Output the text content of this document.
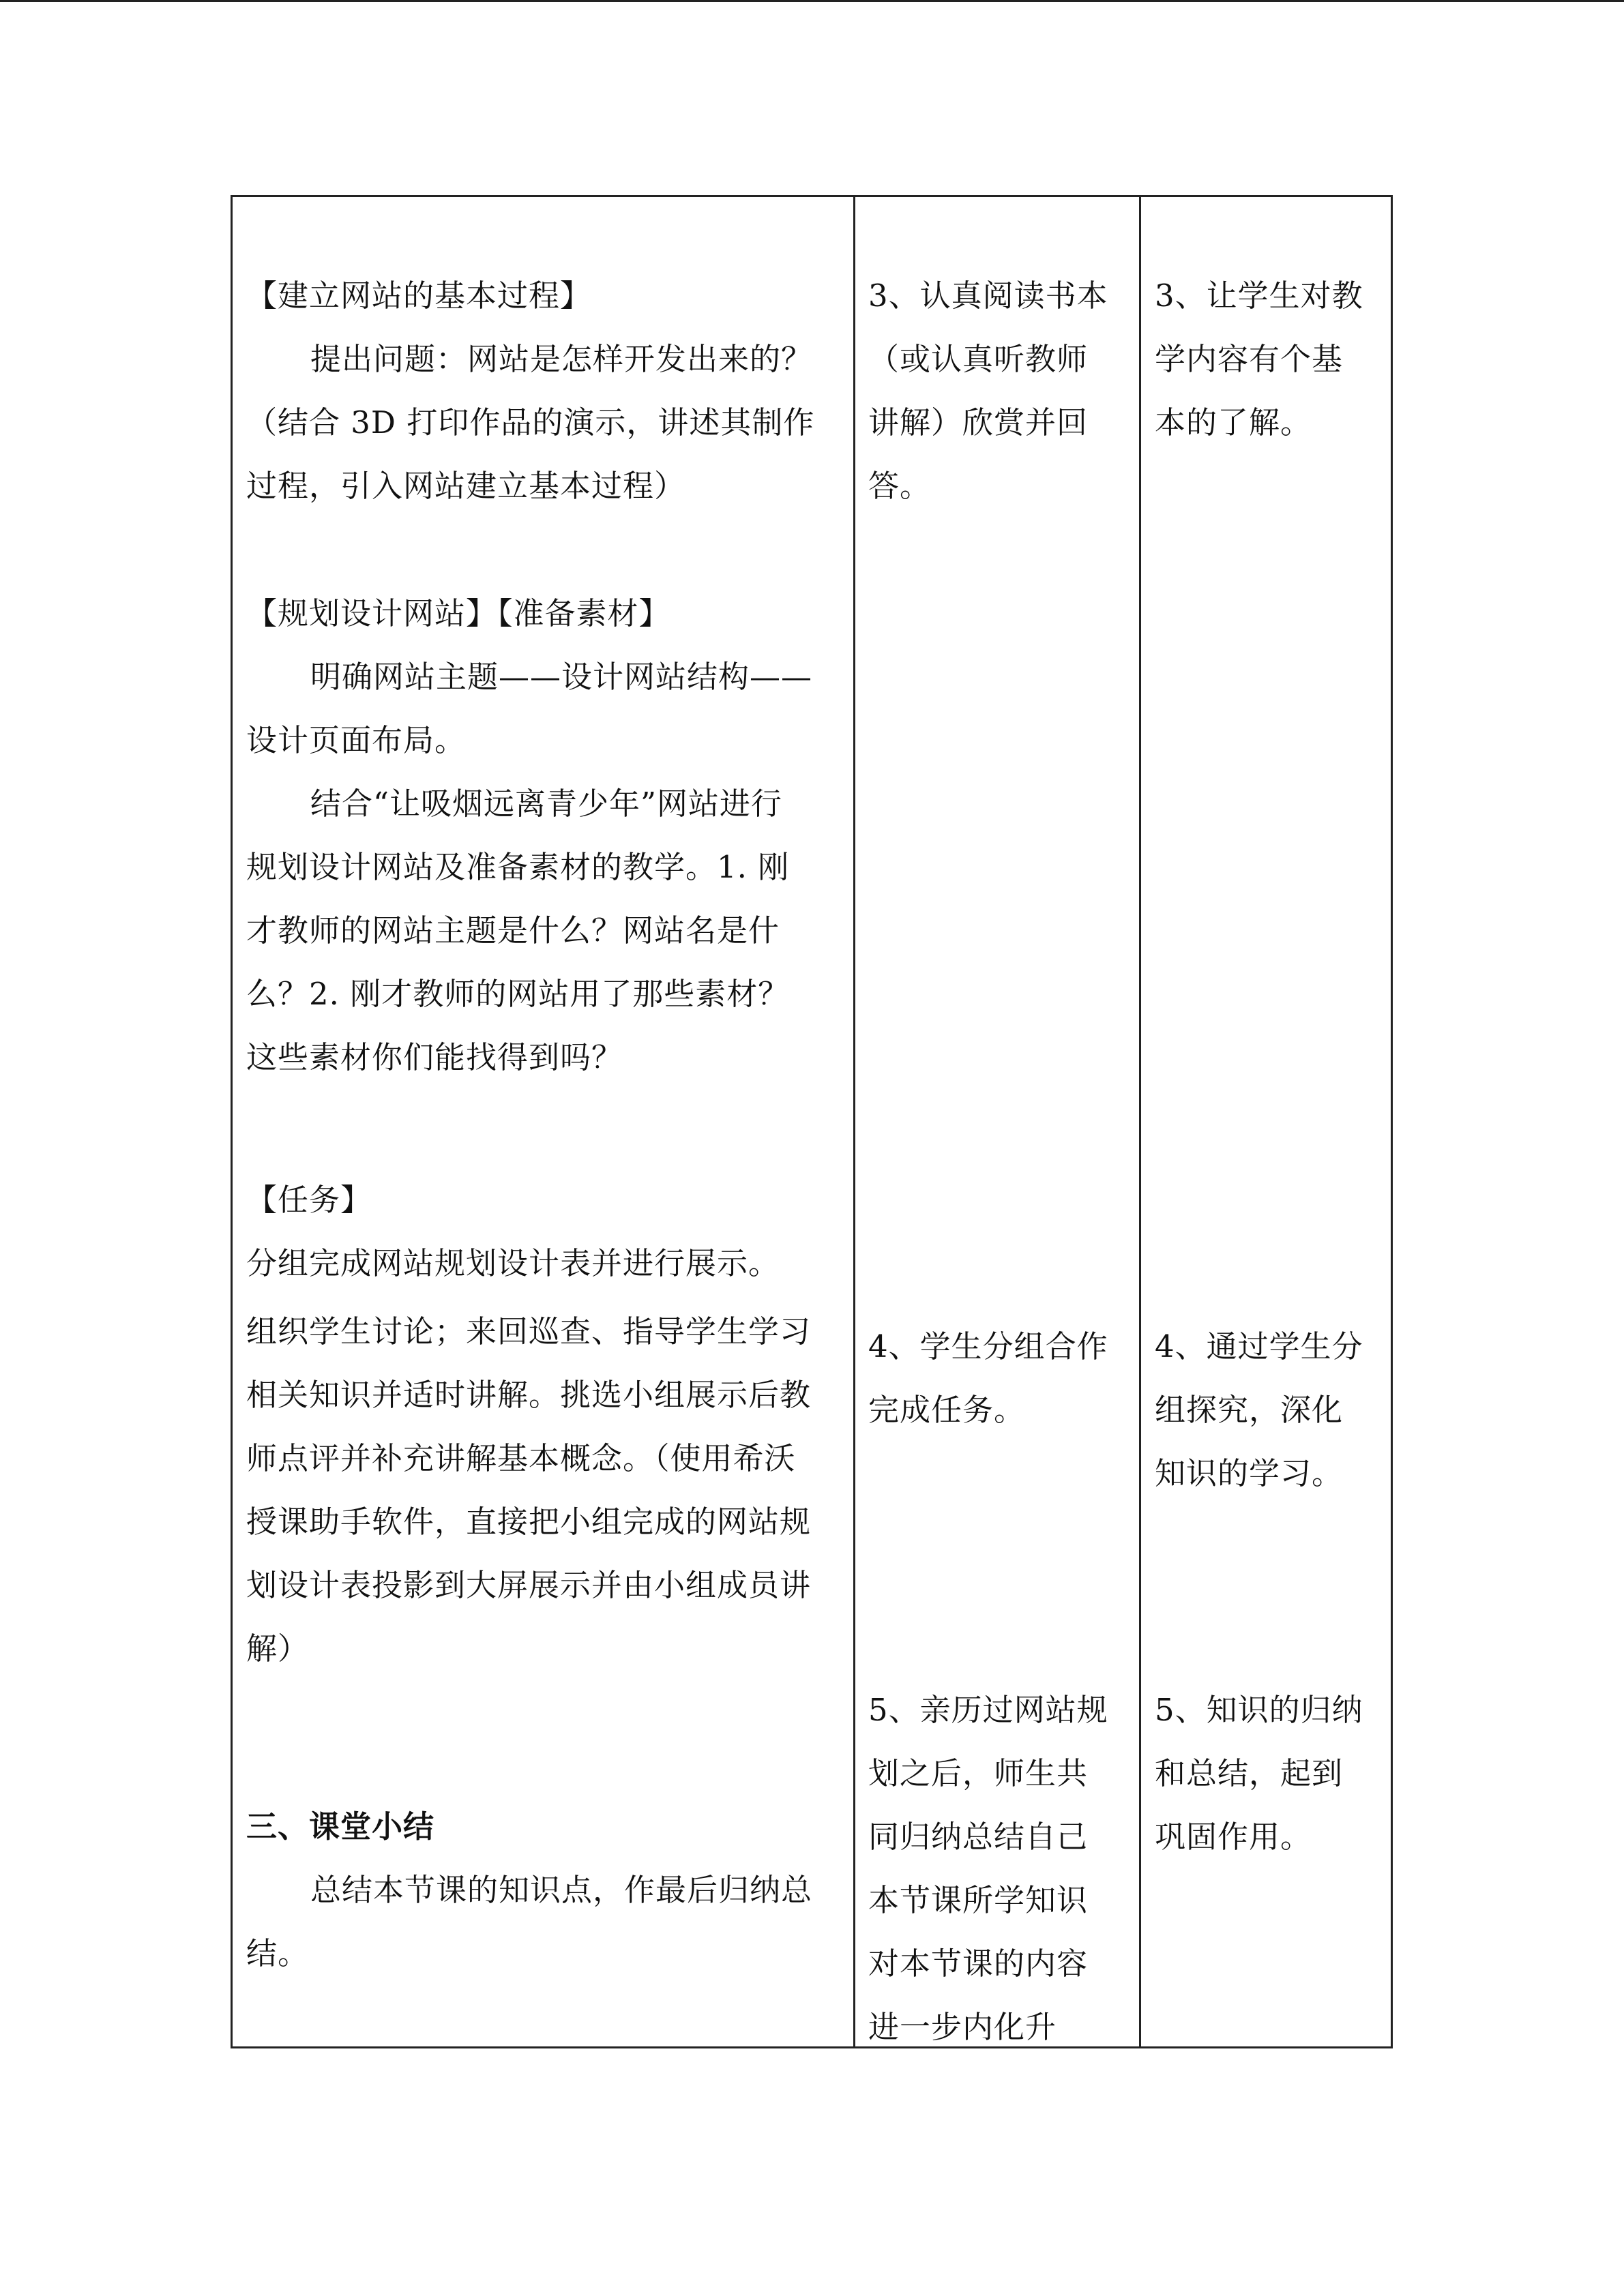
【建立网站的基本过程】
提出问题：网站是怎样开发出来的？
（结合 3D 打印作品的演示，讲述其制作
过程，引入网站建立基本过程）
【规划设计网站】【准备素材】
明确网站主题——设计网站结构——
设计页面布局。
结合“让吸烟远离青少年”网站进行
规划设计网站及准备素材的教学。1. 刚
才教师的网站主题是什么？网站名是什
么？2. 刚才教师的网站用了那些素材？
这些素材你们能找得到吗？
【任务】
分组完成网站规划设计表并进行展示。
组织学生讨论；来回巡查、指导学生学习
相关知识并适时讲解。挑选小组展示后教
师点评并补充讲解基本概念。（使用希沃
授课助手软件，直接把小组完成的网站规
划设计表投影到大屏展示并由小组成员讲
解）
三、课堂小结
总结本节课的知识点，作最后归纳总
结。
3、认真阅读书本
（或认真听教师
讲解）欣赏并回
答。
4、学生分组合作
完成任务。
5、亲历过网站规
划之后，师生共
同归纳总结自己
本节课所学知识
对本节课的内容
进一步内化升
3、让学生对教
学内容有个基
本的了解。
4、通过学生分
组探究，深化
知识的学习。
5、知识的归纳
和总结，起到
巩固作用。
